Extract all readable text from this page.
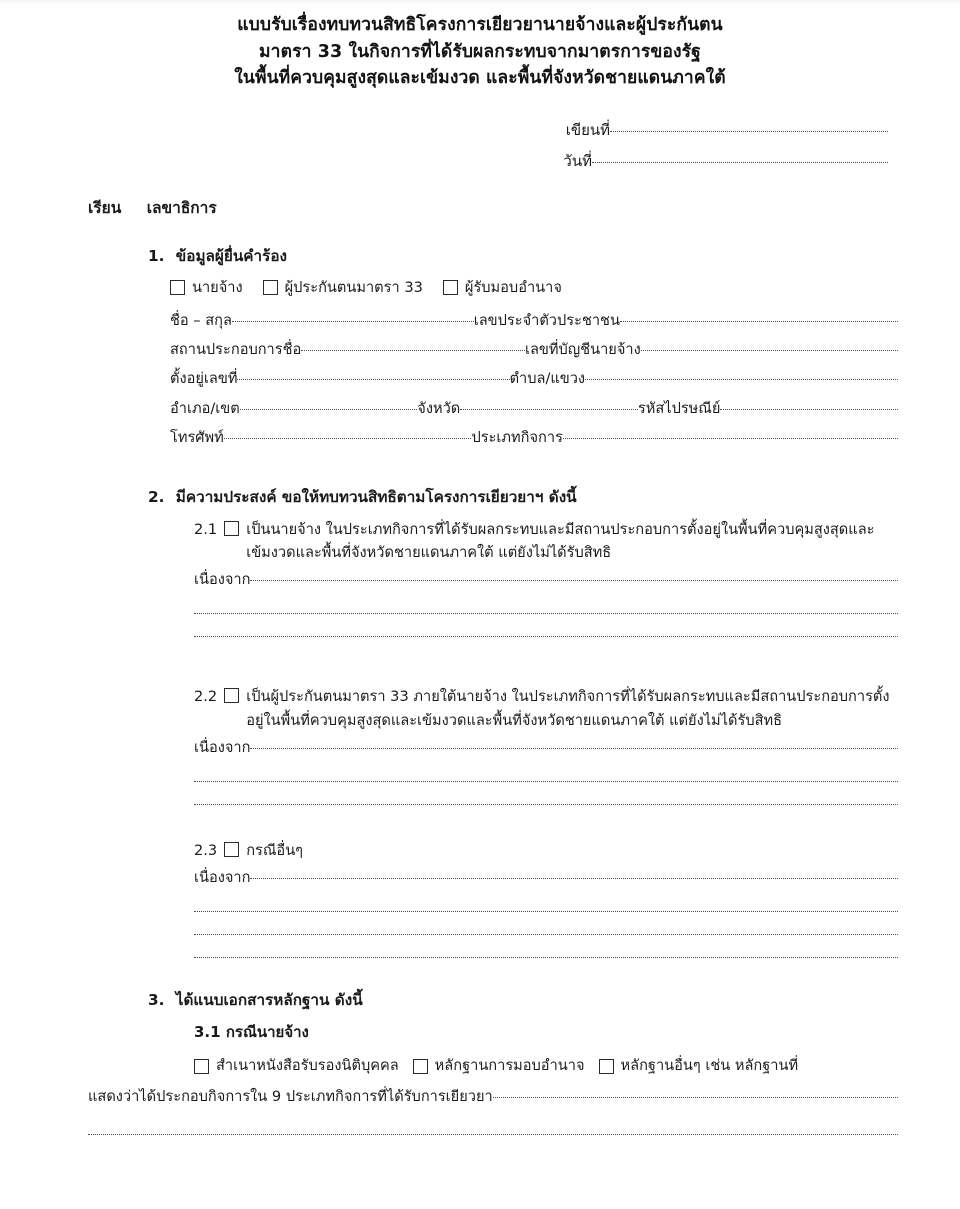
แบบรับเรื่องทบทวนสิทธิโครงการเยียวยานายจ้างและผู้ประกันตน
มาตรา 33 ในกิจการที่ได้รับผลกระทบจากมาตรการของรัฐ
ในพื้นที่ควบคุมสูงสุดและเข้มงวด และพื้นที่จังหวัดชายแดนภาคใต้
เขียนที่
วันที่
เรียน เลขาธิการ
1. ข้อมูลผู้ยื่นคำร้อง
นายจ้าง	ผู้ประกันตนมาตรา 33	ผู้รับมอบอำนาจ
ชื่อ – สกุล	เลขประจำตัวประชาชน
สถานประกอบการชื่อ	เลขที่บัญชีนายจ้าง
ตั้งอยู่เลขที่	ตำบล/แขวง
อำเภอ/เขต	จังหวัด	รหัสไปรษณีย์
โทรศัพท์	ประเภทกิจการ
2. มีความประสงค์ ขอให้ทบทวนสิทธิตามโครงการเยียวยาฯ ดังนี้
2.1 เป็นนายจ้าง ในประเภทกิจการที่ได้รับผลกระทบและมีสถานประกอบการตั้งอยู่ในพื้นที่ควบคุมสูงสุดและเข้มงวดและพื้นที่จังหวัดชายแดนภาคใต้ แต่ยังไม่ได้รับสิทธิ
เนื่องจาก
2.2 เป็นผู้ประกันตนมาตรา 33 ภายใต้นายจ้าง ในประเภทกิจการที่ได้รับผลกระทบและมีสถานประกอบการตั้งอยู่ในพื้นที่ควบคุมสูงสุดและเข้มงวดและพื้นที่จังหวัดชายแดนภาคใต้ แต่ยังไม่ได้รับสิทธิ
เนื่องจาก
2.3 กรณีอื่นๆ
เนื่องจาก
3. ได้แนบเอกสารหลักฐาน ดังนี้
3.1 กรณีนายจ้าง
สำเนาหนังสือรับรองนิติบุคคล หลักฐานการมอบอำนาจ หลักฐานอื่นๆ เช่น หลักฐานที่
แสดงว่าได้ประกอบกิจการใน 9 ประเภทกิจการที่ได้รับการเยียวยา
